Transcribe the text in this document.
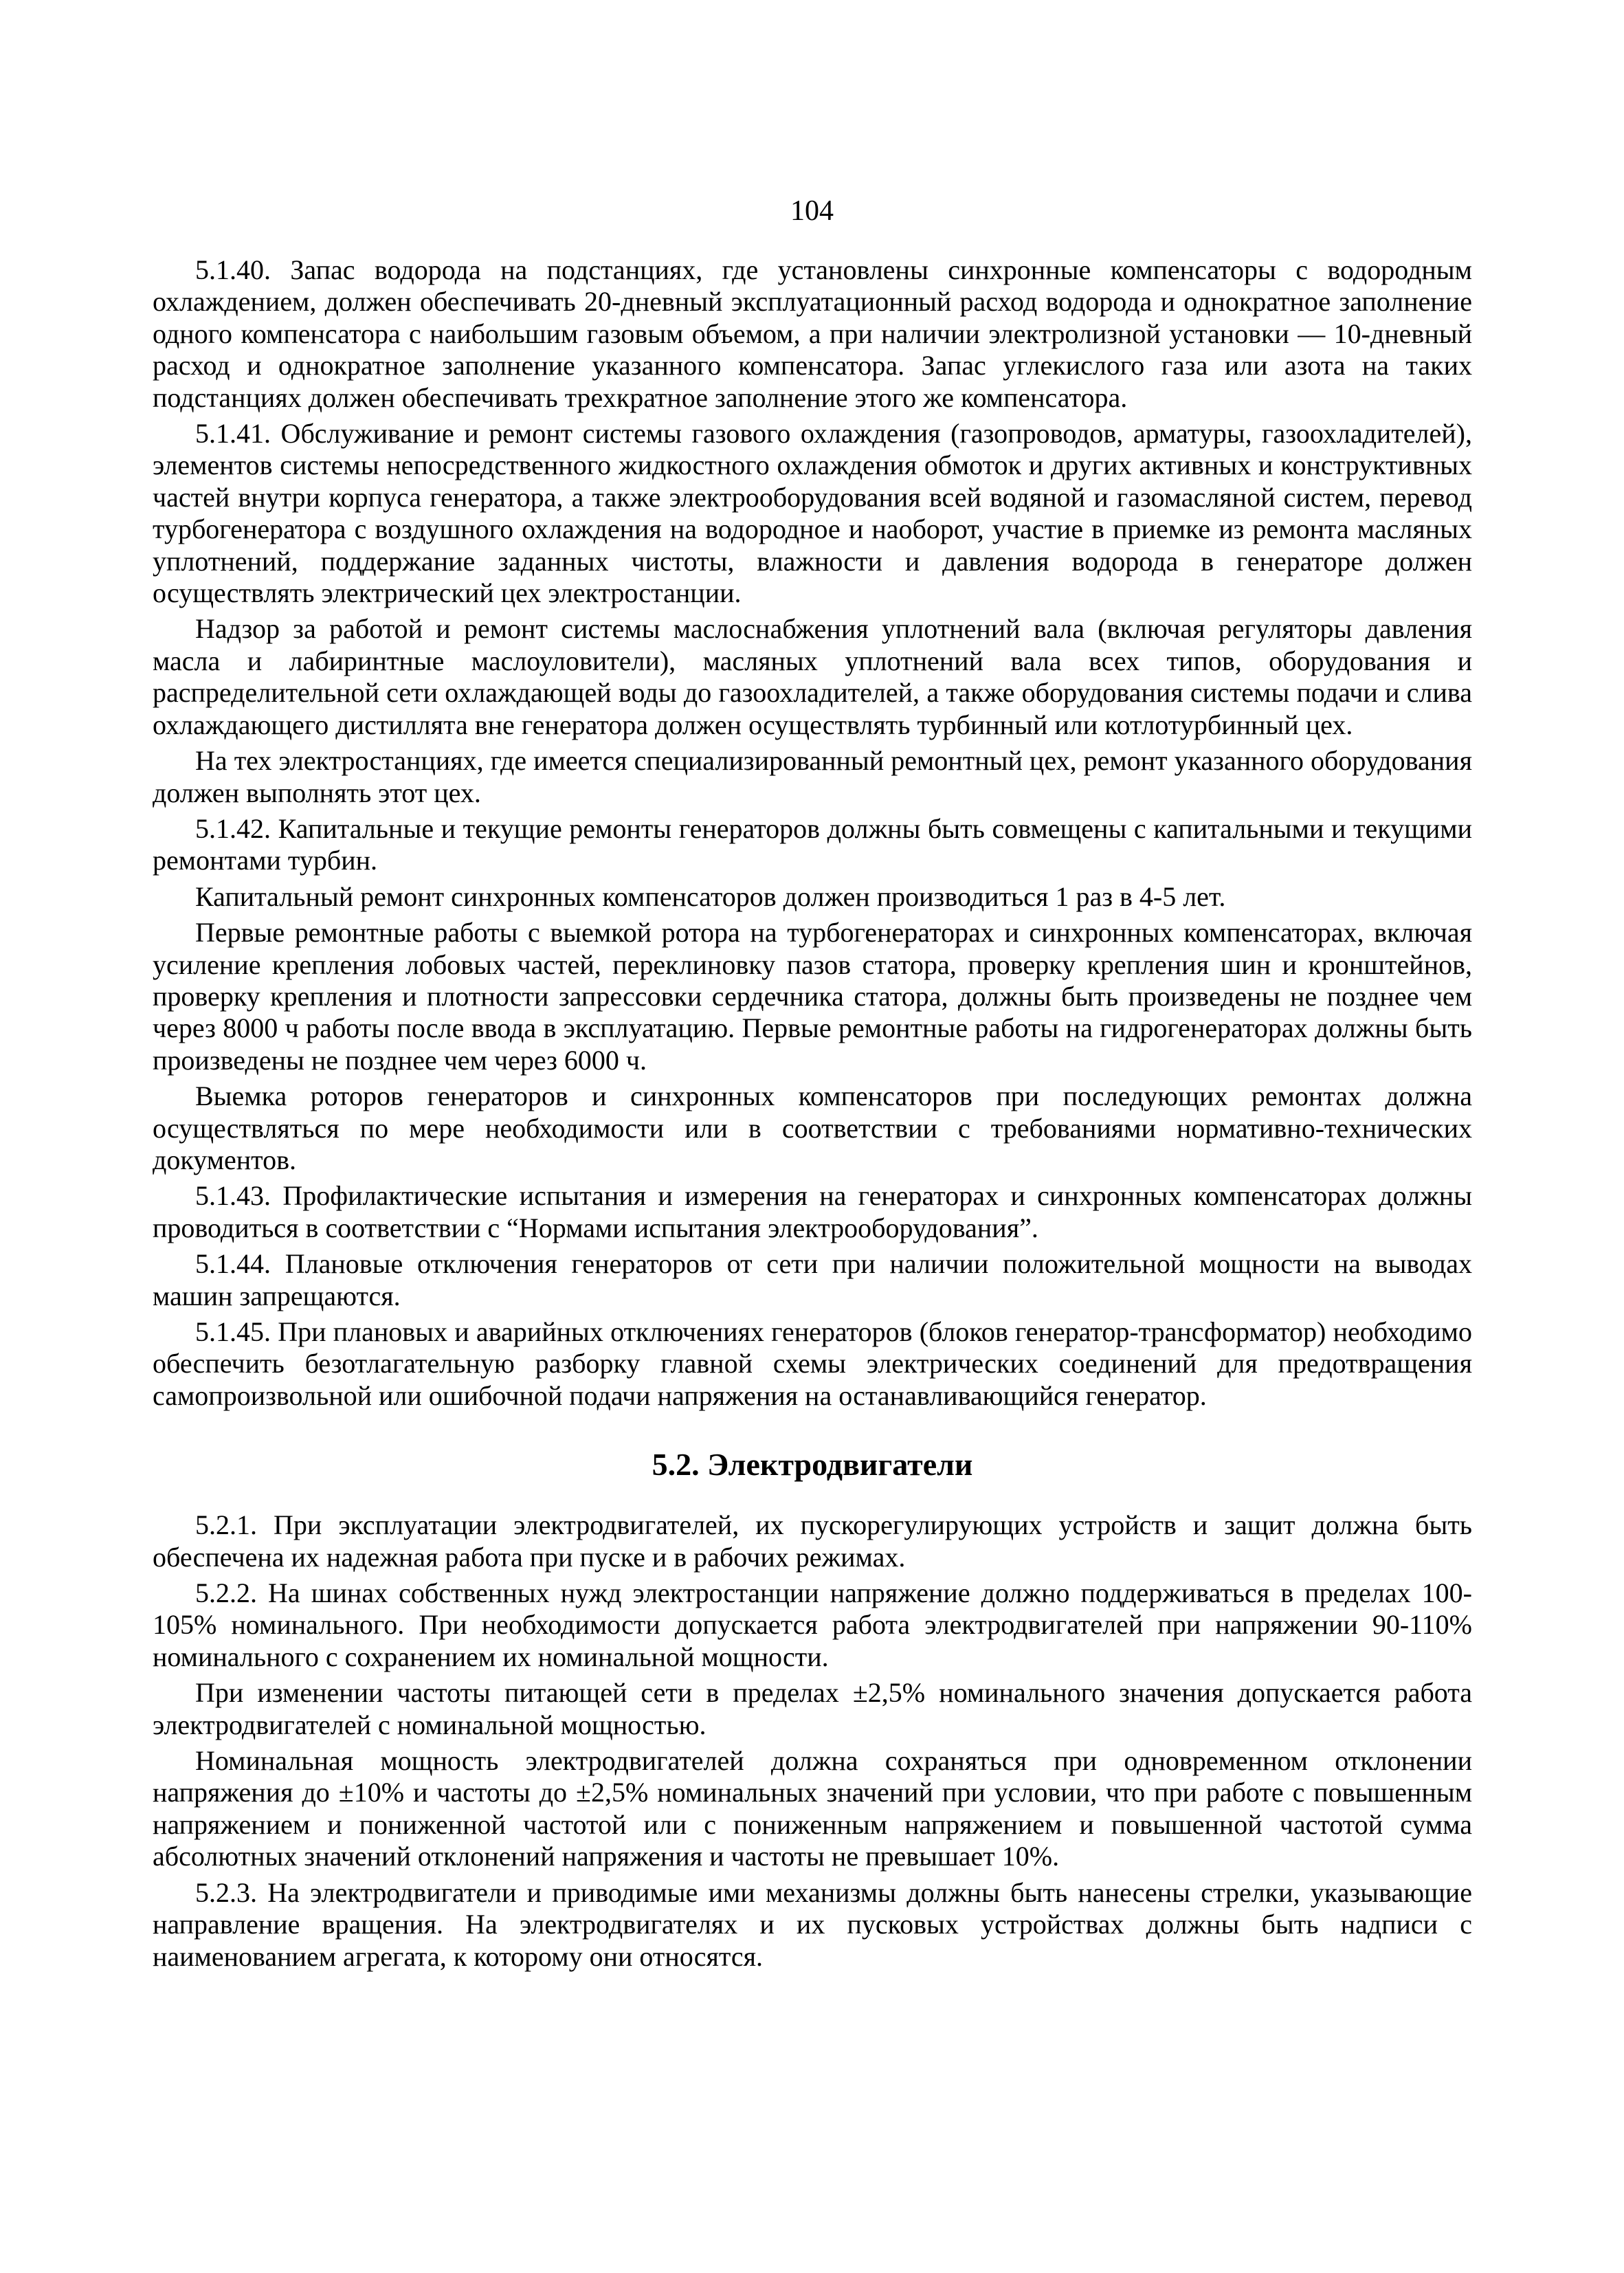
104

5.1.40. Запас водорода на подстанциях, где установлены синхронные компенсаторы с водородным охлаждением, должен обеспечивать 20-дневный эксплуатационный расход водорода и однократное заполнение одного компенсатора с наибольшим газовым объемом, а при наличии электролизной установки — 10-дневный расход и однократное заполнение указанного компенсатора. Запас углекислого газа или азота на таких подстанциях должен обеспечивать трехкратное заполнение этого же компенсатора.

5.1.41. Обслуживание и ремонт системы газового охлаждения (газопроводов, арматуры, газоохладителей), элементов системы непосредственного жидкостного охлаждения обмоток и других активных и конструктивных частей внутри корпуса генератора, а также электрооборудования всей водяной и газомасляной систем, перевод турбогенератора с воздушного охлаждения на водородное и наоборот, участие в приемке из ремонта масляных уплотнений, поддержание заданных чистоты, влажности и давления водорода в генераторе должен осуществлять электрический цех электростанции.

Надзор за работой и ремонт системы маслоснабжения уплотнений вала (включая регуляторы давления масла и лабиринтные маслоуловители), масляных уплотнений вала всех типов, оборудования и распределительной сети охлаждающей воды до газоохладителей, а также оборудования системы подачи и слива охлаждающего дистиллята вне генератора должен осуществлять турбинный или котлотурбинный цех.

На тех электростанциях, где имеется специализированный ремонтный цех, ремонт указанного оборудования должен выполнять этот цех.

5.1.42. Капитальные и текущие ремонты генераторов должны быть совмещены с капитальными и текущими ремонтами турбин.

Капитальный ремонт синхронных компенсаторов должен производиться 1 раз в 4-5 лет.

Первые ремонтные работы с выемкой ротора на турбогенераторах и синхронных компенсаторах, включая усиление крепления лобовых частей, переклиновку пазов статора, проверку крепления шин и кронштейнов, проверку крепления и плотности запрессовки сердечника статора, должны быть произведены не позднее чем через 8000 ч работы после ввода в эксплуатацию. Первые ремонтные работы на гидрогенераторах должны быть произведены не позднее чем через 6000 ч.

Выемка роторов генераторов и синхронных компенсаторов при последующих ремонтах должна осуществляться по мере необходимости или в соответствии с требованиями нормативно-технических документов.

5.1.43. Профилактические испытания и измерения на генераторах и синхронных компенсаторах должны проводиться в соответствии с “Нормами испытания электрооборудования”.

5.1.44. Плановые отключения генераторов от сети при наличии положительной мощности на выводах машин запрещаются.

5.1.45. При плановых и аварийных отключениях генераторов (блоков генератор-трансформатор) необходимо обеспечить безотлагательную разборку главной схемы электрических соединений для предотвращения самопроизвольной или ошибочной подачи напряжения на останавливающийся генератор.

5.2. Электродвигатели

5.2.1. При эксплуатации электродвигателей, их пускорегулирующих устройств и защит должна быть обеспечена их надежная работа при пуске и в рабочих режимах.

5.2.2. На шинах собственных нужд электростанции напряжение должно поддерживаться в пределах 100-105% номинального. При необходимости допускается работа электродвигателей при напряжении 90-110% номинального с сохранением их номинальной мощности.

При изменении частоты питающей сети в пределах ±2,5% номинального значения допускается работа электродвигателей с номинальной мощностью.

Номинальная мощность электродвигателей должна сохраняться при одновременном отклонении напряжения до ±10% и частоты до ±2,5% номинальных значений при условии, что при работе с повышенным напряжением и пониженной частотой или с пониженным напряжением и повышенной частотой сумма абсолютных значений отклонений напряжения и частоты не превышает 10%.

5.2.3. На электродвигатели и приводимые ими механизмы должны быть нанесены стрелки, указывающие направление вращения. На электродвигателях и их пусковых устройствах должны быть надписи с наименованием агрегата, к которому они относятся.
